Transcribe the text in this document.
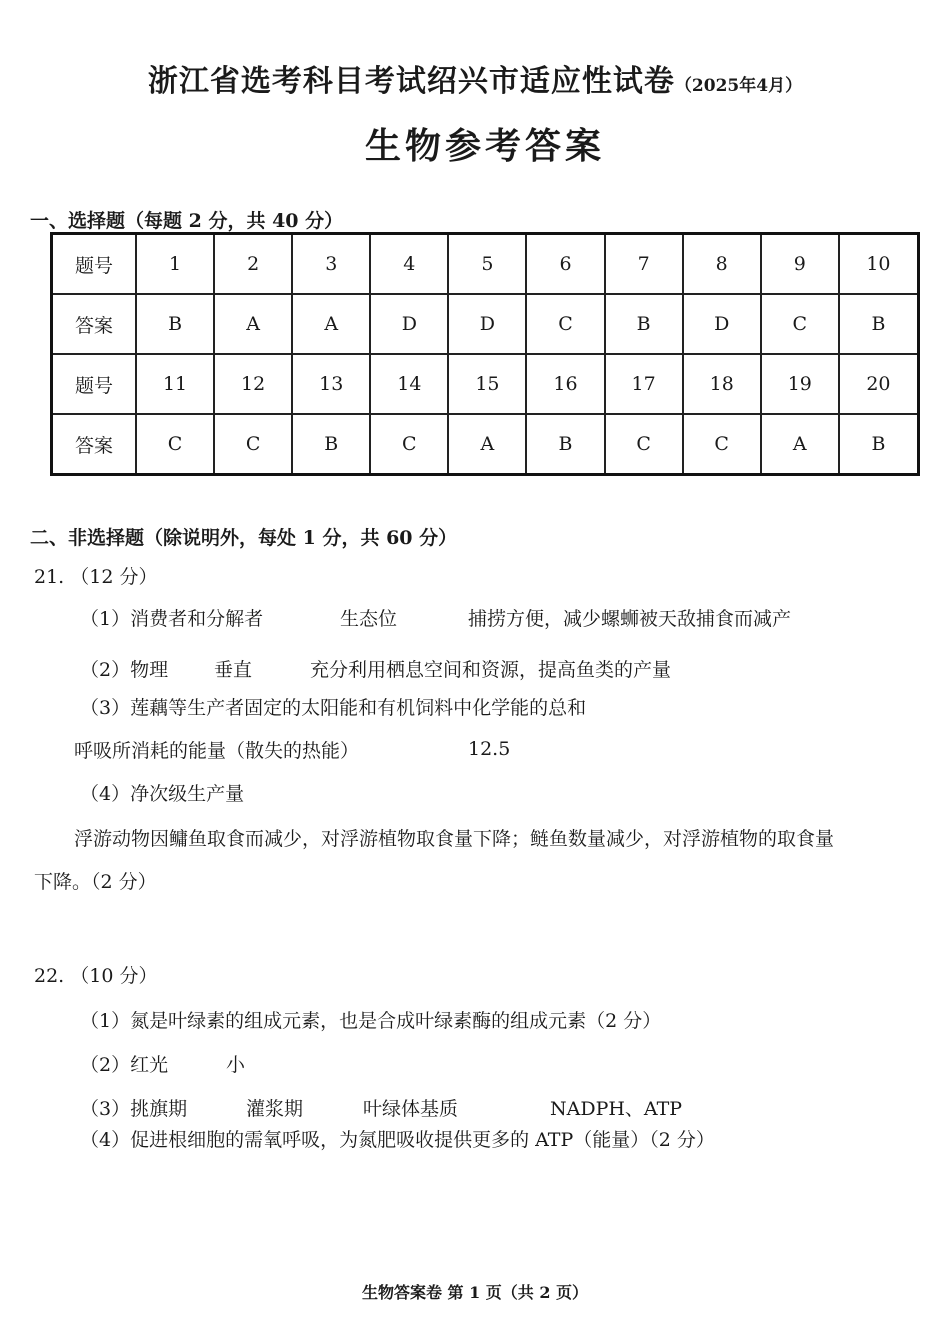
浙江省选考科目考试绍兴市适应性试卷（2025年4月）
生物参考答案
一、选择题（每题 2 分，共 40 分）
题号	1	2	3	4	5	6	7	8	9	10
答案	B	A	A	D	D	C	B	D	C	B
题号	11	12	13	14	15	16	17	18	19	20
答案	C	C	B	C	A	B	C	C	A	B
二、非选择题（除说明外，每处 1 分，共 60 分）
21. （12 分）
（1）消费者和分解者	生态位	捕捞方便，减少螺蛳被天敌捕食而减产
（2）物理 垂直	充分利用栖息空间和资源，提高鱼类的产量
（3）莲藕等生产者固定的太阳能和有机饲料中化学能的总和
呼吸所消耗的能量（散失的热能）	12.5
（4）净次级生产量
浮游动物因鳙鱼取食而减少，对浮游植物取食量下降；鲢鱼数量减少，对浮游植物的取食量
下降。（2 分）
22. （10 分）
（1）氮是叶绿素的组成元素，也是合成叶绿素酶的组成元素（2 分）
（2）红光	小
（3）挑旗期	灌浆期	叶绿体基质	NADPH、ATP
（4）促进根细胞的需氧呼吸，为氮肥吸收提供更多的 ATP（能量）（2 分）
生物答案卷 第 1 页（共 2 页）
